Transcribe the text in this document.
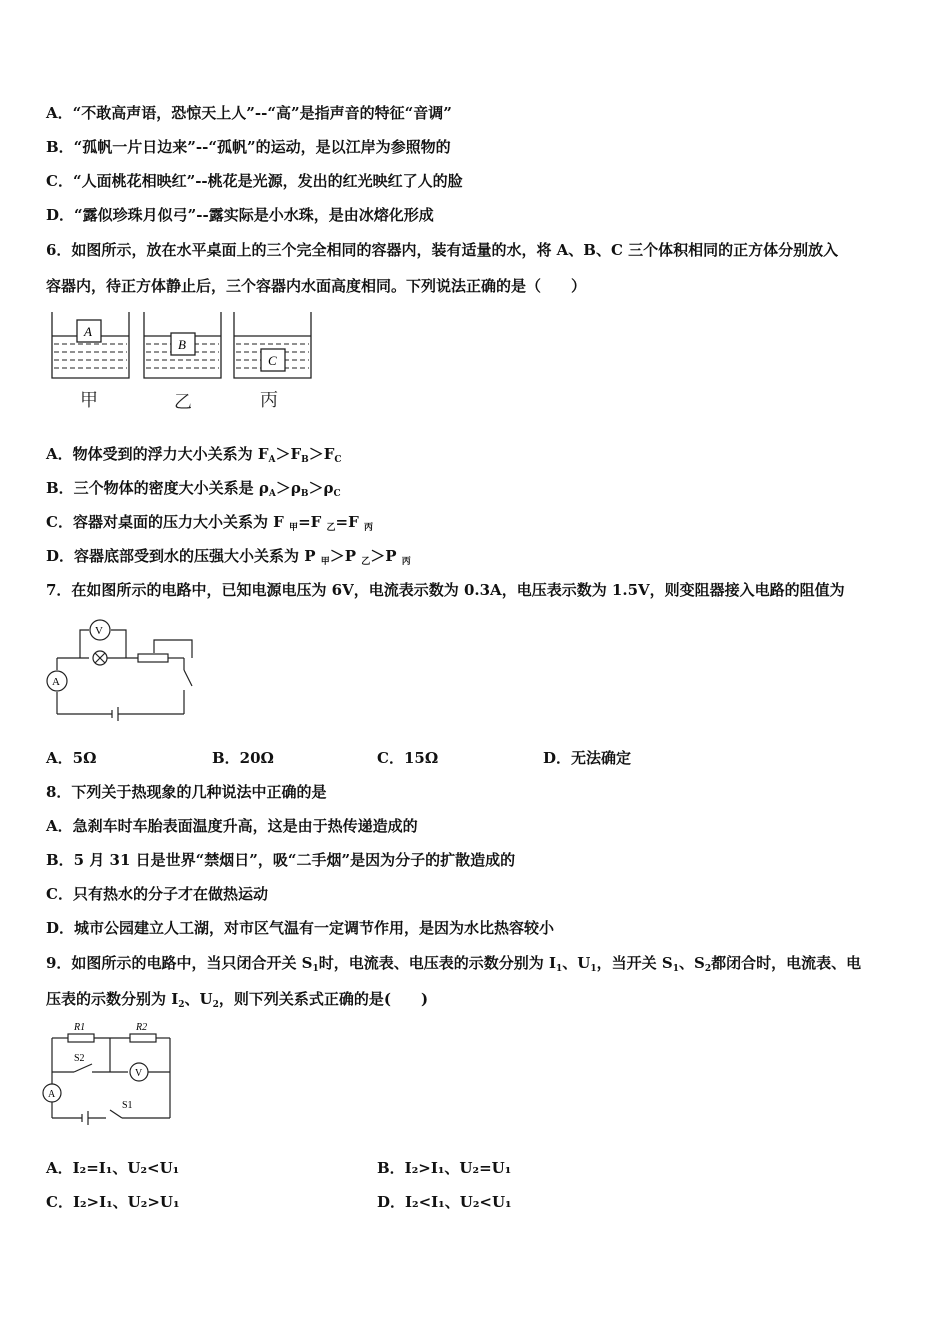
A．“不敢高声语，恐惊天上人”--“高”是指声音的特征“音调”
B．“孤帆一片日边来”--“孤帆”的运动，是以江岸为参照物的
C．“人面桃花相映红”--桃花是光源，发出的红光映红了人的脸
D．“露似珍珠月似弓”--露实际是小水珠，是由冰熔化形成
6．如图所示，放在水平桌面上的三个完全相同的容器内，装有适量的水，将 A、B、C 三个体积相同的正方体分别放入
容器内，待正方体静止后，三个容器内水面高度相同。下列说法正确的是（　　）
A
B
C
甲	乙	丙
A．物体受到的浮力大小关系为 $F_A>F_B>F_C$
B．三个物体的密度大小关系是 $\rho_A>\rho_B>\rho_C$
C．容器对桌面的压力大小关系为 F $_甲$=F $_乙$=F $_丙$
D．容器底部受到水的压强大小关系为 P $_甲$＞P $_乙$＞P $_丙$
7．在如图所示的电路中，已知电源电压为 6V，电流表示数为 0.3A，电压表示数为 1.5V，则变阻器接入电路的阻值为
V
A
A．5Ω	B．20Ω	C．15Ω	D．无法确定
8．下列关于热现象的几种说法中正确的是
A．急刹车时车胎表面温度升高，这是由于热传递造成的
B．5 月 31 日是世界“禁烟日”，吸“二手烟”是因为分子的扩散造成的
C．只有热水的分子才在做热运动
D．城市公园建立人工湖，对市区气温有一定调节作用，是因为水比热容较小
9．如图所示的电路中，当只闭合开关 $S_1$时，电流表、电压表的示数分别为 $I_1$、$U_1$，当开关 $S_1$、$S_2$都闭合时，电流表、电
压表的示数分别为 $I_2$、$U_2$，则下列关系式正确的是(　　)
R1	R2
S2
S1
V
A
A．I₂=I₁、U₂<U₁	B．I₂>I₁、U₂=U₁
C．I₂>I₁、U₂>U₁	D．I₂<I₁、U₂<U₁
